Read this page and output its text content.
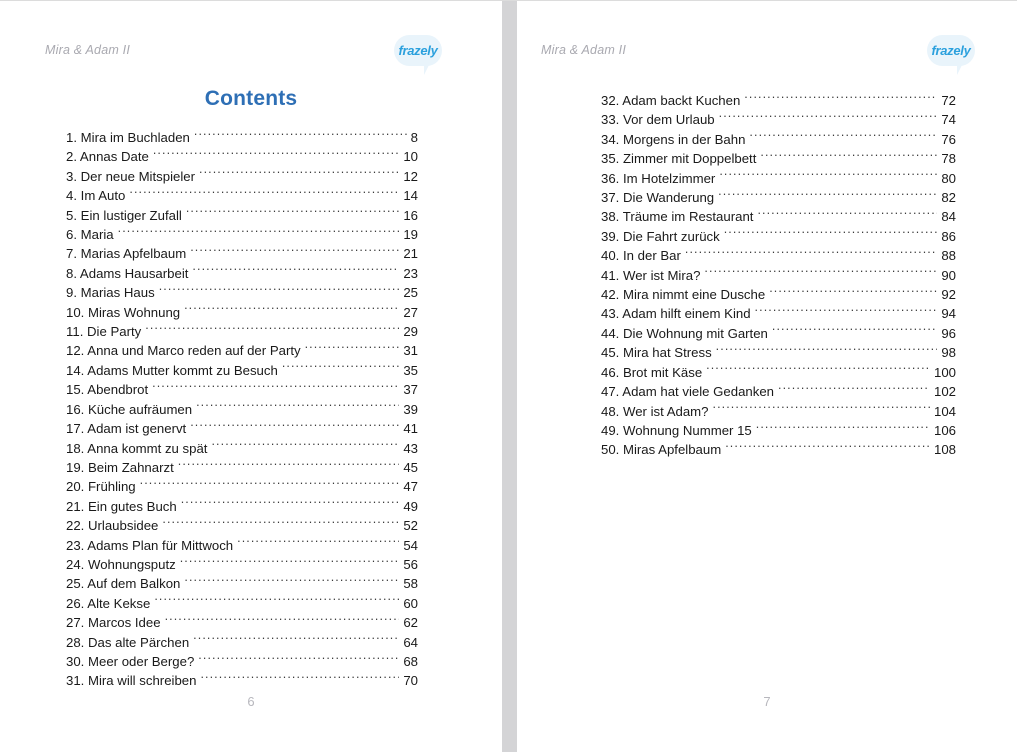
Mira & Adam II	frazely
Contents
1. Mira im Buchladen .....	8
2. Annas Date .....	10
3. Der neue Mitspieler .....	12
4. Im Auto .....	14
5. Ein lustiger Zufall .....	16
6. Maria .....	19
7. Marias Apfelbaum .....	21
8. Adams Hausarbeit .....	23
9. Marias Haus .....	25
10. Miras Wohnung .....	27
11. Die Party .....	29
12. Anna und Marco reden auf der Party .....	31
14. Adams Mutter kommt zu Besuch .....	35
15. Abendbrot .....	37
16. Küche aufräumen .....	39
17. Adam ist genervt .....	41
18. Anna kommt zu spät .....	43
19. Beim Zahnarzt .....	45
20. Frühling .....	47
21. Ein gutes Buch .....	49
22. Urlaubsidee .....	52
23. Adams Plan für Mittwoch .....	54
24. Wohnungsputz .....	56
25. Auf dem Balkon .....	58
26. Alte Kekse .....	60
27. Marcos Idee .....	62
28. Das alte Pärchen .....	64
30. Meer oder Berge? .....	68
31. Mira will schreiben .....	70
6
Mira & Adam II	frazely
32. Adam backt Kuchen .....	72
33. Vor dem Urlaub .....	74
34. Morgens in der Bahn .....	76
35. Zimmer mit Doppelbett .....	78
36. Im Hotelzimmer .....	80
37. Die Wanderung .....	82
38. Träume im Restaurant .....	84
39. Die Fahrt zurück .....	86
40. In der Bar .....	88
41. Wer ist Mira? .....	90
42. Mira nimmt eine Dusche .....	92
43. Adam hilft einem Kind .....	94
44. Die Wohnung mit Garten .....	96
45. Mira hat Stress .....	98
46. Brot mit Käse .....	100
47. Adam hat viele Gedanken .....	102
48. Wer ist Adam? .....	104
49. Wohnung Nummer 15 .....	106
50. Miras Apfelbaum .....	108
7
